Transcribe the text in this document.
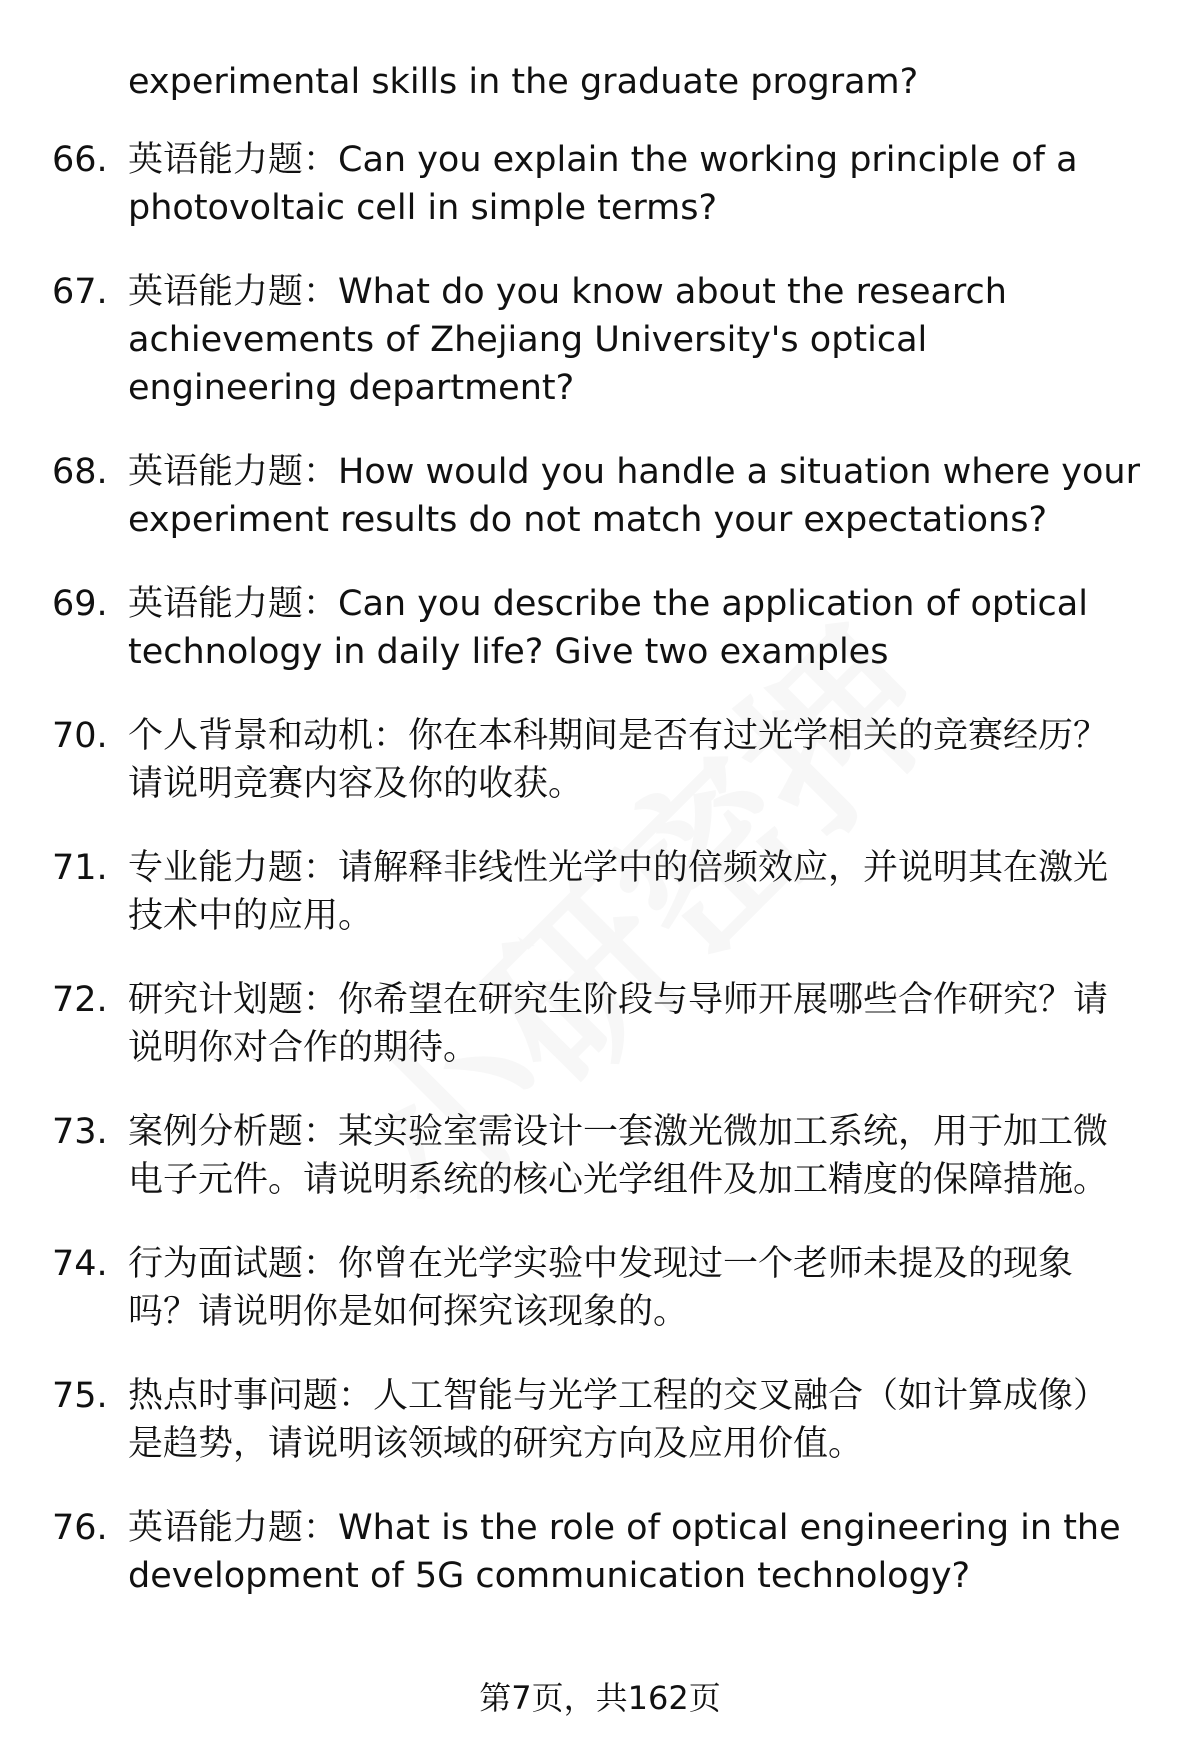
experimental skills in the graduate program?
66. 英语能力题：Can you explain the working principle of a photovoltaic cell in simple terms?
67. 英语能力题：What do you know about the research achievements of Zhejiang University's optical engineering department?
68. 英语能力题：How would you handle a situation where your experiment results do not match your expectations?
69. 英语能力题：Can you describe the application of optical technology in daily life? Give two examples
70. 个人背景和动机：你在本科期间是否有过光学相关的竞赛经历？请说明竞赛内容及你的收获。
71. 专业能力题：请解释非线性光学中的倍频效应，并说明其在激光技术中的应用。
72. 研究计划题：你希望在研究生阶段与导师开展哪些合作研究？请说明你对合作的期待。
73. 案例分析题：某实验室需设计一套激光微加工系统，用于加工微电子元件。请说明系统的核心光学组件及加工精度的保障措施。
74. 行为面试题：你曾在光学实验中发现过一个老师未提及的现象吗？请说明你是如何探究该现象的。
75. 热点时事问题：人工智能与光学工程的交叉融合（如计算成像）是趋势，请说明该领域的研究方向及应用价值。
76. 英语能力题：What is the role of optical engineering in the development of 5G communication technology?
第7页，共162页
